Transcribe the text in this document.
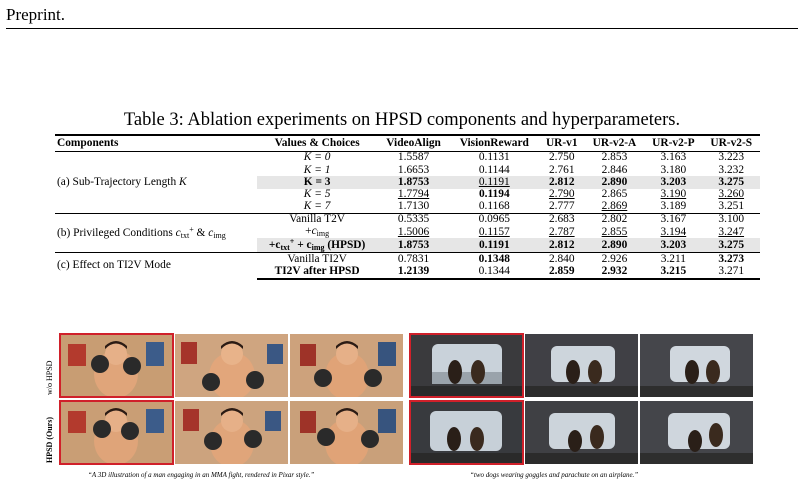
Preprint.
Table 3: Ablation experiments on HPSD components and hyperparameters.
Components	Values & Choices	VideoAlign	VisionReward	UR-v1	UR-v2-A	UR-v2-P	UR-v2-S
(a) Sub-Trajectory Length K	K = 0	1.5587	0.1131	2.750	2.853	3.163	3.223
	K = 1	1.6653	0.1144	2.761	2.846	3.180	3.232
	K = 3	1.8753	0.1191	2.812	2.890	3.203	3.275
	K = 5	1.7794	0.1194	2.790	2.865	3.190	3.260
	K = 7	1.7130	0.1168	2.777	2.869	3.189	3.251
(b) Privileged Conditions $c_{txt}^+$ & $c_{img}$	Vanilla T2V	0.5335	0.0965	2.683	2.802	3.167	3.100
	$+c_{img}$	1.5006	0.1157	2.787	2.855	3.194	3.247
	$+c_{txt}^+ + c_{img}$ (HPSD)	1.8753	0.1191	2.812	2.890	3.203	3.275
(c) Effect on TI2V Mode	Vanilla TI2V	0.7831	0.1348	2.840	2.926	3.211	3.273
	TI2V after HPSD	1.2139	0.1344	2.859	2.932	3.215	3.271
w/o HPSD
HPSD (Ours)
“A 3D illustration of a man engaging in an MMA fight, rendered in Pixar style.”	“two dogs wearing goggles and parachute on an airplane.”
